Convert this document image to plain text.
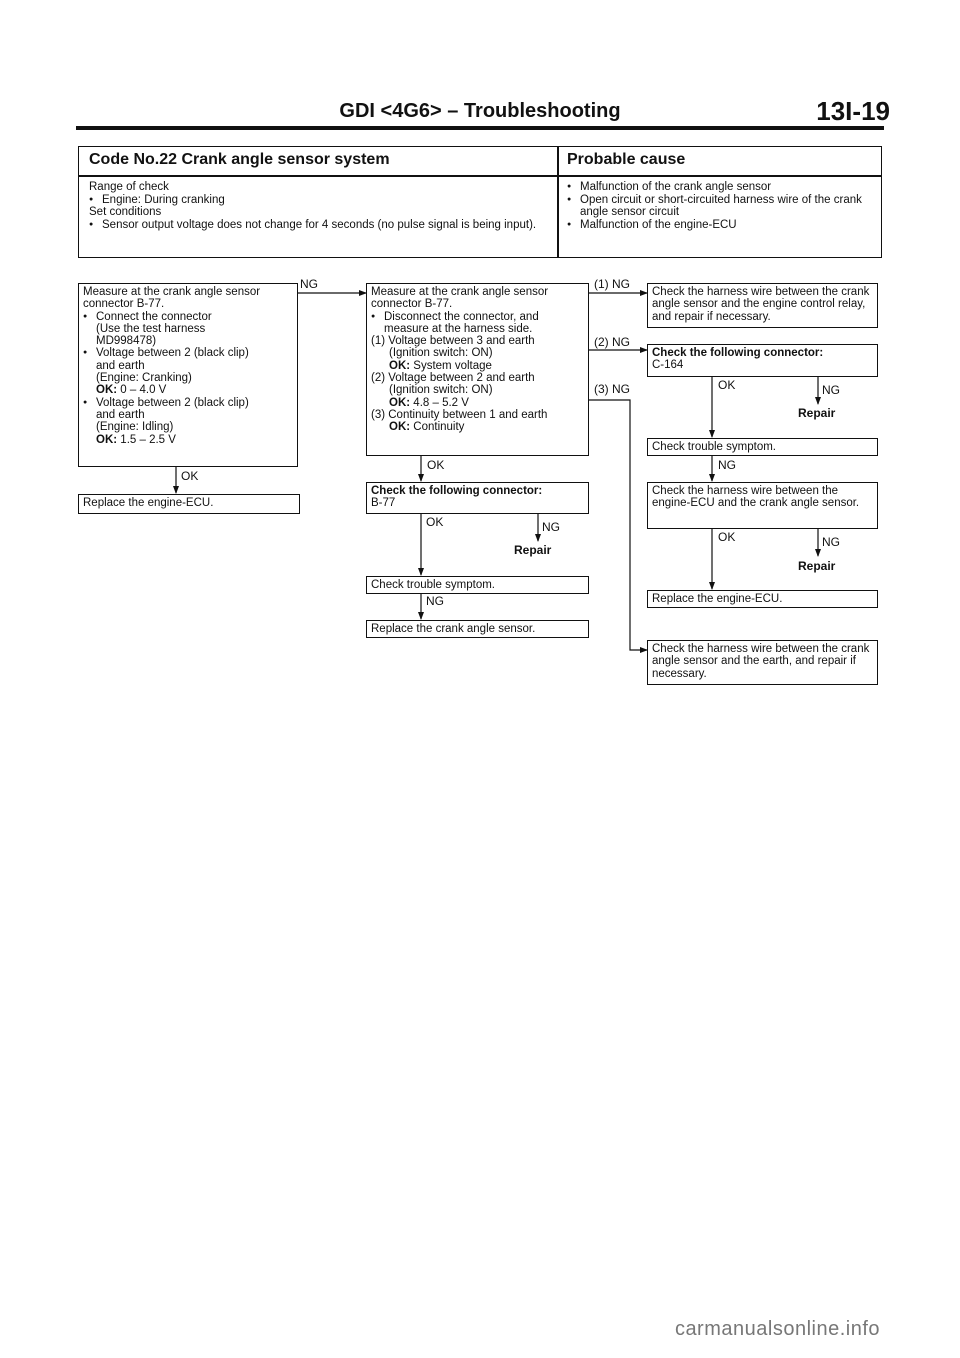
GDI <4G6> – Troubleshooting	13I-19
Code No.22 Crank angle sensor system	Probable cause
Range of check
● Engine: During cranking
Set conditions
● Sensor output voltage does not change for 4 seconds (no pulse signal is being input).
● Malfunction of the crank angle sensor
● Open circuit or short-circuited harness wire of the crank angle sensor circuit
● Malfunction of the engine-ECU
Measure at the crank angle sensor connector B-77.
● Connect the connector
(Use the test harness
MD998478)
● Voltage between 2 (black clip)
and earth
(Engine: Cranking)
OK: 0 – 4.0 V
● Voltage between 2 (black clip)
and earth
(Engine: Idling)
OK: 1.5 – 2.5 V
NG
OK
Replace the engine-ECU.
Measure at the crank angle sensor connector B-77.
● Disconnect the connector, and measure at the harness side.
(1) Voltage between 3 and earth
(Ignition switch: ON)
OK: System voltage
(2) Voltage between 2 and earth
(Ignition switch: ON)
OK: 4.8 – 5.2 V
(3) Continuity between 1 and earth
OK: Continuity
OK
(1) NG
(2) NG
(3) NG
Check the following connector:
B-77
OK	NG
Repair
Check trouble symptom.
NG
Replace the crank angle sensor.
Check the harness wire between the crank angle sensor and the engine control relay, and repair if necessary.
Check the following connector:
C-164
OK	NG
Repair
Check trouble symptom.
NG
Check the harness wire between the engine-ECU and the crank angle sensor.
OK	NG
Repair
Replace the engine-ECU.
Check the harness wire between the crank angle sensor and the earth, and repair if necessary.
carmanualsonline.info
